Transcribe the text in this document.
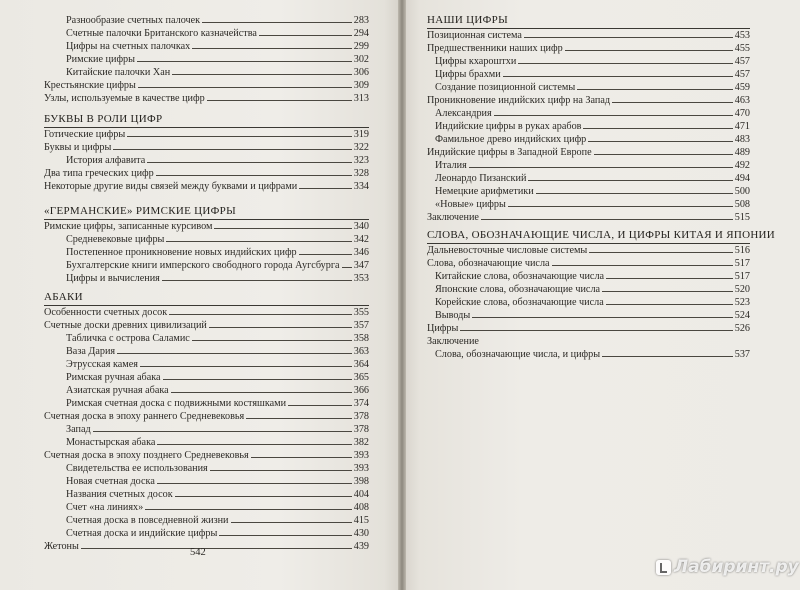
Разнообразие счетных палочек	283
Счетные палочки Британского казначейства	294
Цифры на счетных палочках	299
Римские цифры	302
Китайские палочки Хан	306
Крестьянские цифры	309
Узлы, используемые в качестве цифр	313
БУКВЫ В РОЛИ ЦИФР
Готические цифры	319
Буквы и цифры	322
История алфавита	323
Два типа греческих цифр	328
Некоторые другие виды связей между буквами и цифрами	334
«ГЕРМАНСКИЕ» РИМСКИЕ ЦИФРЫ
Римские цифры, записанные курсивом	340
Средневековые цифры	342
Постепенное проникновение новых индийских цифр	346
Бухгалтерские книги имперского свободного города Аугсбурга 347
Цифры и вычисления	353
АБАКИ
Особенности счетных досок	355
Счетные доски древних цивилизаций	357
Табличка с острова Саламис	358
Ваза Дария	363
Этрусская камея	364
Римская ручная абака	365
Азиатская ручная абака	366
Римская счетная доска с подвижными костяшками	374
Счетная доска в эпоху раннего Средневековья	378
Запад	378
Монастырская абака	382
Счетная доска в эпоху позднего Средневековья	393
Свидетельства ее использования	393
Новая счетная доска	398
Названия счетных досок	404
Счет «на линиях»	408
Счетная доска в повседневной жизни	415
Счетная доска и индийские цифры	430
Жетоны	439
НАШИ ЦИФРЫ
Позиционная система	453
Предшественники наших цифр	455
Цифры кхароштхи	457
Цифры брахми	457
Создание позиционной системы	459
Проникновение индийских цифр на Запад	463
Александрия	470
Индийские цифры в руках арабов	471
Фамильное древо индийских цифр	483
Индийские цифры в Западной Европе	489
Италия	492
Леонардо Пизанский	494
Немецкие арифметики	500
«Новые» цифры	508
Заключение	515
СЛОВА, ОБОЗНАЧАЮЩИЕ ЧИСЛА, И ЦИФРЫ КИТАЯ И ЯПОНИИ
Дальневосточные числовые системы	516
Слова, обозначающие числа	517
Китайские слова, обозначающие числа	517
Японские слова, обозначающие числа	520
Корейские слова, обозначающие числа	523
Выводы	524
Цифры	526
Заключение
Слова, обозначающие числа, и цифры	537
542
Лабиринт.ру
